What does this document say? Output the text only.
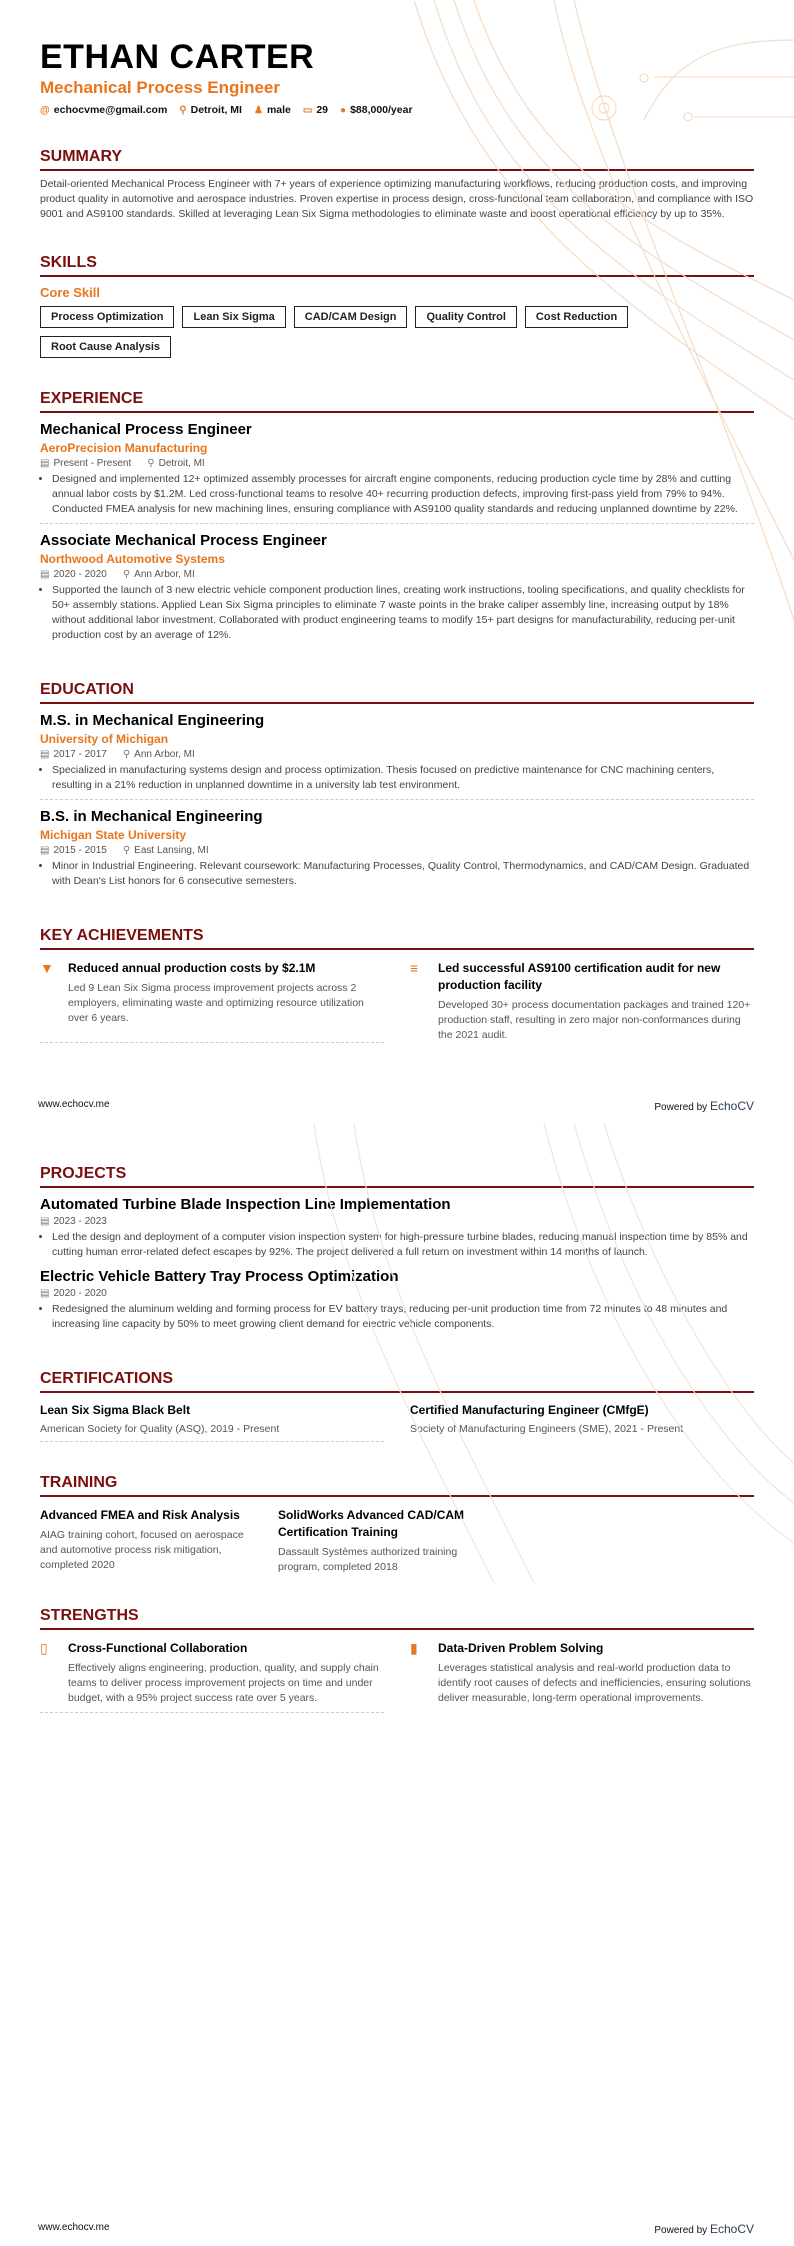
ETHAN CARTER
Mechanical Process Engineer
@ echocvme@gmail.com ⚲ Detroit, MI ♟ male ▭ 29 ● $88,000/year
SUMMARY

Detail-oriented Mechanical Process Engineer with 7+ years of experience optimizing manufacturing workflows, reducing production costs, and improving product quality in automotive and aerospace industries. Proven expertise in process design, cross-functional team collaboration, and compliance with ISO 9001 and AS9100 standards. Skilled at leveraging Lean Six Sigma methodologies to eliminate waste and boost operational efficiency by up to 35%.

SKILLS
Core Skill
Process Optimization	Lean Six Sigma	CAD/CAM Design	Quality Control	Cost Reduction
Root Cause Analysis
EXPERIENCE
Mechanical Process Engineer
AeroPrecision Manufacturing
▤ Present - Present ⚲ Detroit, MI
• Designed and implemented 12+ optimized assembly processes for aircraft engine components, reducing production cycle time by 28% and cutting annual labor costs by $1.2M. Led cross-functional teams to resolve 40+ recurring production defects, improving first-pass yield from 79% to 94%. Conducted FMEA analysis for new machining lines, ensuring compliance with AS9100 quality standards and reducing unplanned downtime by 22%.
Associate Mechanical Process Engineer
Northwood Automotive Systems
▤ 2020 - 2020 ⚲ Ann Arbor, MI
• Supported the launch of 3 new electric vehicle component production lines, creating work instructions, tooling specifications, and quality checklists for 50+ assembly stations. Applied Lean Six Sigma principles to eliminate 7 waste points in the brake caliper assembly line, increasing output by 18% without additional labor investment. Collaborated with product engineering teams to modify 15+ part designs for manufacturability, reducing per-unit production cost by an average of 12%.
EDUCATION
M.S. in Mechanical Engineering
University of Michigan
▤ 2017 - 2017 ⚲ Ann Arbor, MI
• Specialized in manufacturing systems design and process optimization. Thesis focused on predictive maintenance for CNC machining centers, resulting in a 21% reduction in unplanned downtime in a university lab test environment.
B.S. in Mechanical Engineering
Michigan State University
▤ 2015 - 2015 ⚲ East Lansing, MI
• Minor in Industrial Engineering. Relevant coursework: Manufacturing Processes, Quality Control, Thermodynamics, and CAD/CAM Design. Graduated with Dean's List honors for 6 consecutive semesters.
KEY ACHIEVEMENTS
▼ Reduced annual production costs by $2.1M

Led 9 Lean Six Sigma process improvement projects across 2 employers, eliminating waste and optimizing resource utilization over 6 years.

≡	Led successful AS9100 certification audit for new production facility

Developed 30+ process documentation packages and trained 120+ production staff, resulting in zero major non-conformances during the 2021 audit.

www.echocv.me	Powered by EchoCV
PROJECTS
Automated Turbine Blade Inspection Line Implementation
▤ 2023 - 2023
• Led the design and deployment of a computer vision inspection system for high-pressure turbine blades, reducing manual inspection time by 85% and cutting human error-related defect escapes by 92%. The project delivered a full return on investment within 14 months of launch.
Electric Vehicle Battery Tray Process Optimization
▤ 2020 - 2020
• Redesigned the aluminum welding and forming process for EV battery trays, reducing per-unit production time from 72 minutes to 48 minutes and increasing line capacity by 50% to meet growing client demand for electric vehicle components.
CERTIFICATIONS
Lean Six Sigma Black Belt

American Society for Quality (ASQ), 2019 - Present

Certified Manufacturing Engineer (CMfgE)

Society of Manufacturing Engineers (SME), 2021 - Present

TRAINING
Advanced FMEA and Risk Analysis

AIAG training cohort, focused on aerospace and automotive process risk mitigation, completed 2020

SolidWorks Advanced CAD/CAM Certification Training

Dassault Systèmes authorized training program, completed 2018

STRENGTHS
▯	Cross-Functional Collaboration

Effectively aligns engineering, production, quality, and supply chain teams to deliver process improvement projects on time and under budget, with a 95% project success rate over 5 years.

▮	Data-Driven Problem Solving

Leverages statistical analysis and real-world production data to identify root causes of defects and inefficiencies, ensuring solutions deliver measurable, long-term operational improvements.

www.echocv.me	Powered by EchoCV
